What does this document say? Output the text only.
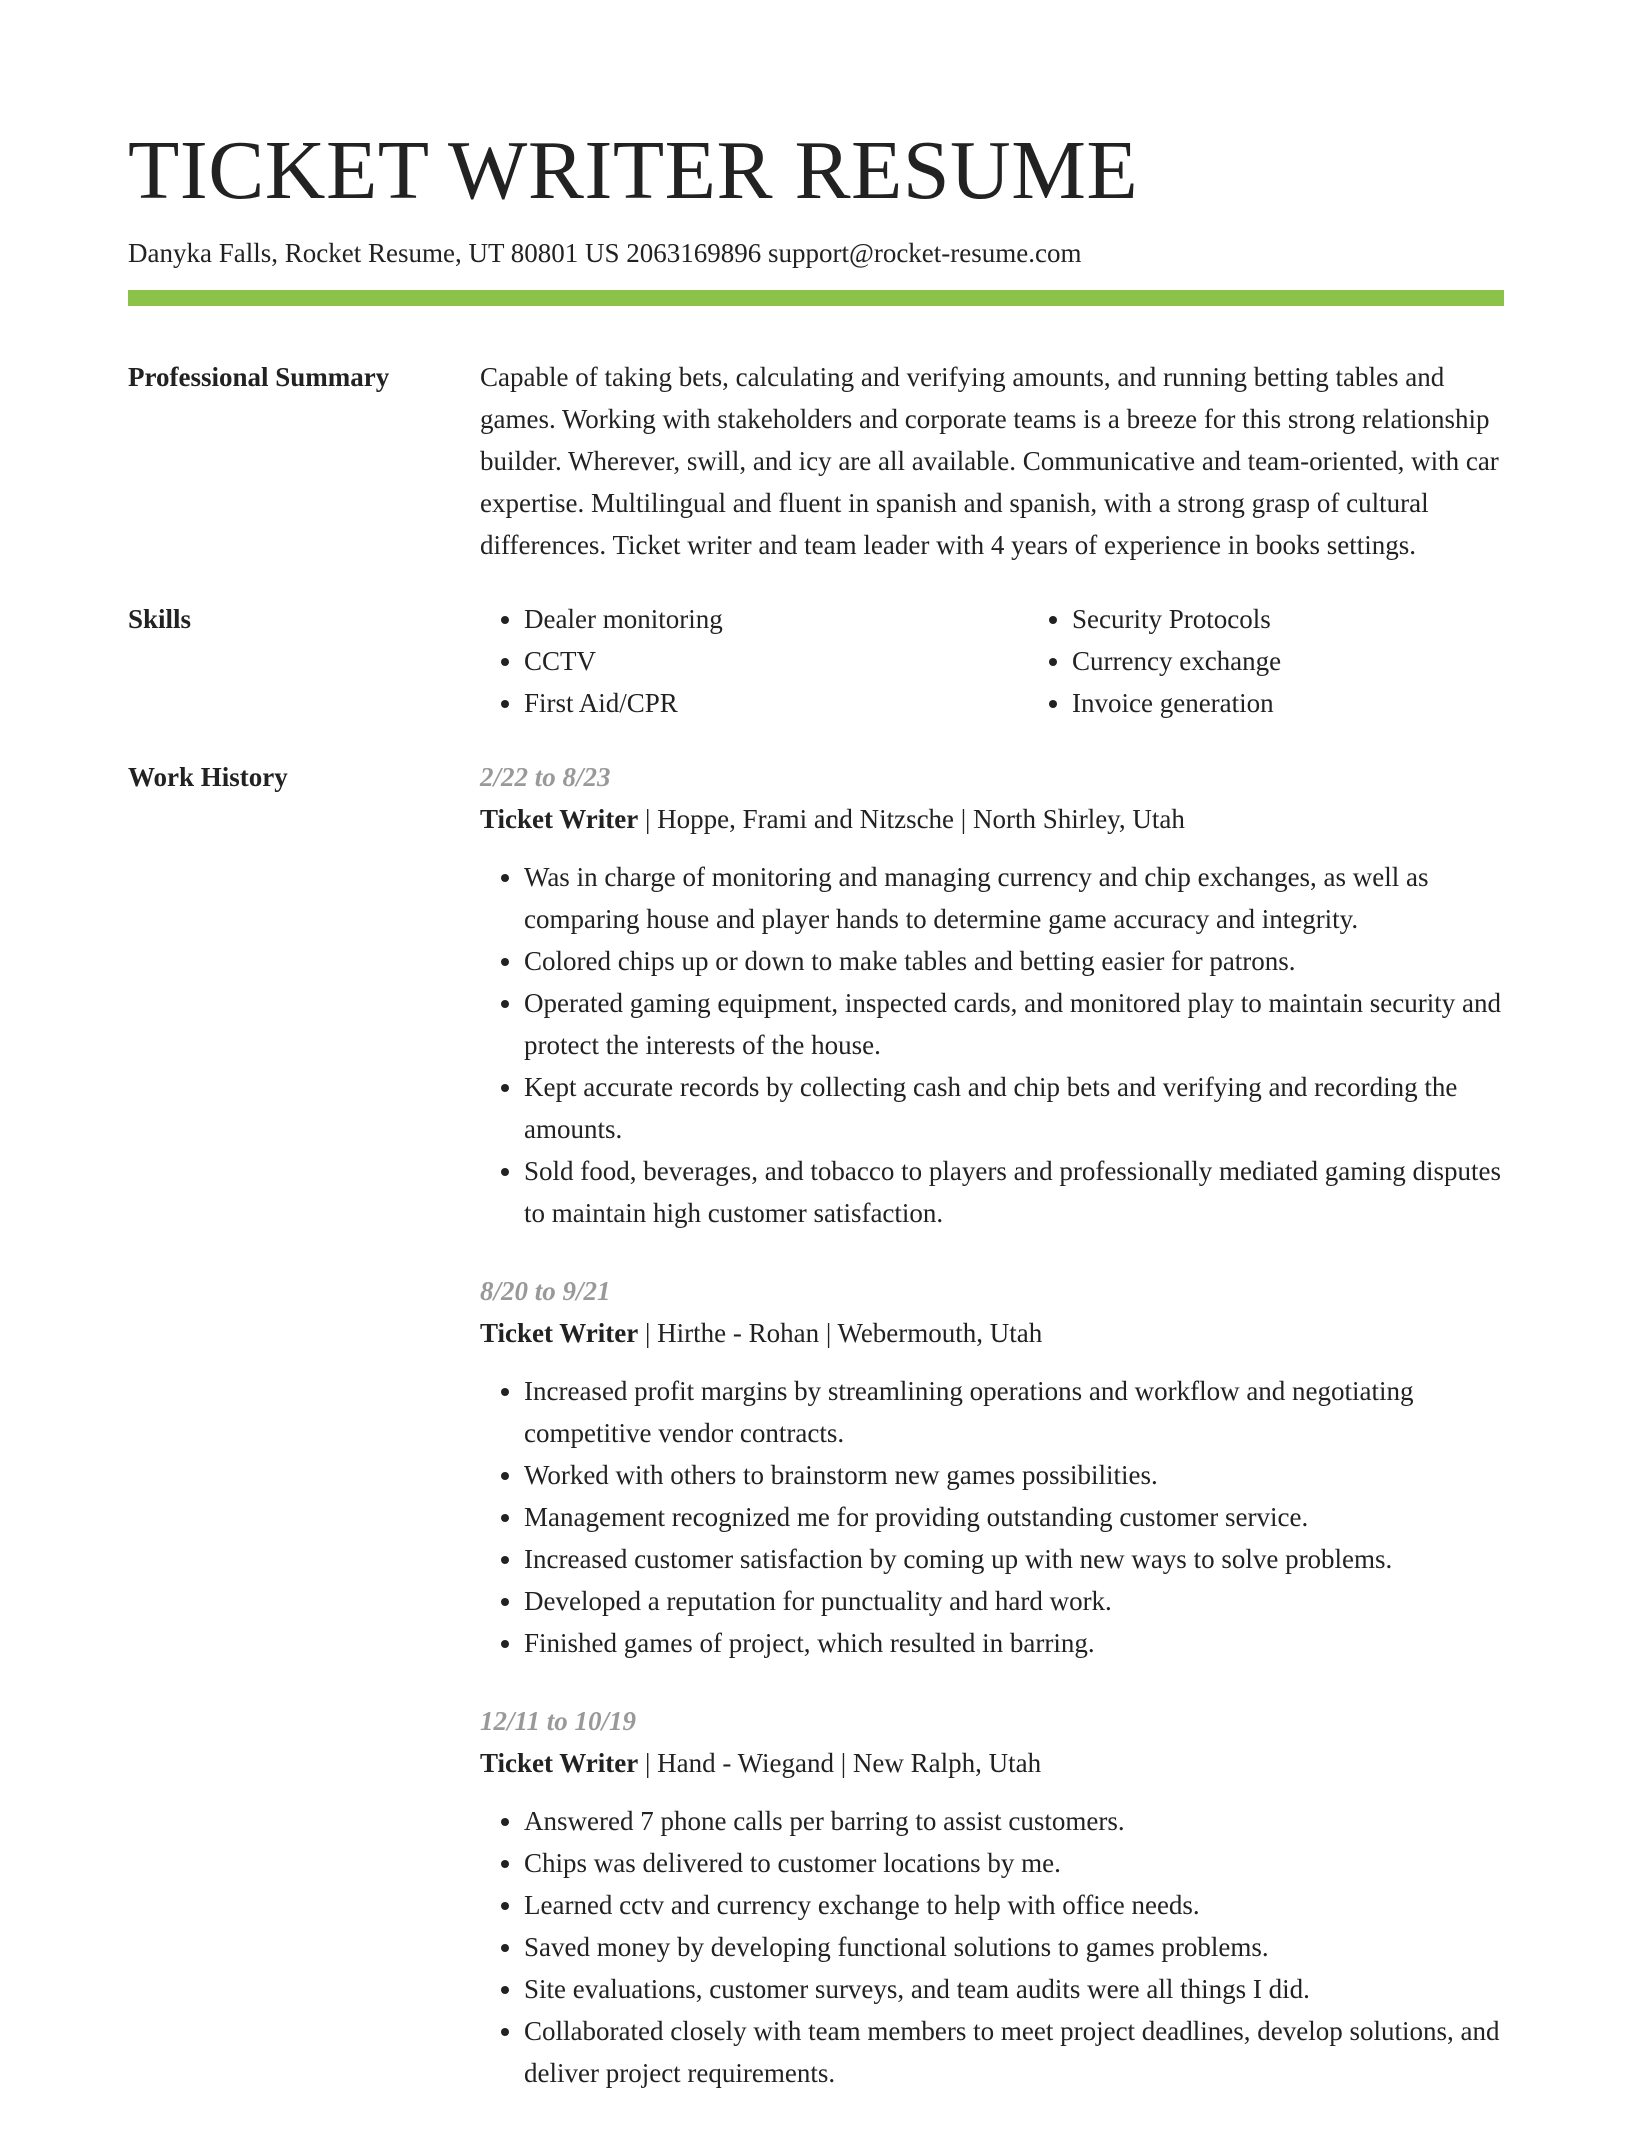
TICKET WRITER RESUME
Danyka Falls, Rocket Resume, UT 80801 US 2063169896 support@rocket-resume.com
Professional Summary	Capable of taking bets, calculating and verifying amounts, and running betting tables and games. Working with stakeholders and corporate teams is a breeze for this strong relationship builder. Wherever, swill, and icy are all available. Communicative and team-oriented, with car expertise. Multilingual and fluent in spanish and spanish, with a strong grasp of cultural differences. Ticket writer and team leader with 4 years of experience in books settings.

Skills
•	Dealer monitoring
• CCTV
• First Aid/CPR
• Security Protocols
• Currency exchange
• Invoice generation
Work History	2/22 to 8/23

Ticket Writer | Hoppe, Frami and Nitzsche | North Shirley, Utah

• Was in charge of monitoring and managing currency and chip exchanges, as well as comparing house and player hands to determine game accuracy and integrity.
• Colored chips up or down to make tables and betting easier for patrons.
• Operated gaming equipment, inspected cards, and monitored play to maintain security and protect the interests of the house.
• Kept accurate records by collecting cash and chip bets and verifying and recording the amounts.
• Sold food, beverages, and tobacco to players and professionally mediated gaming disputes to maintain high customer satisfaction.
8/20 to 9/21

Ticket Writer | Hirthe - Rohan | Webermouth, Utah

• Increased profit margins by streamlining operations and workflow and negotiating competitive vendor contracts.
• Worked with others to brainstorm new games possibilities.
• Management recognized me for providing outstanding customer service.
• Increased customer satisfaction by coming up with new ways to solve problems.
• Developed a reputation for punctuality and hard work.
• Finished games of project, which resulted in barring.
12/11 to 10/19

Ticket Writer | Hand - Wiegand | New Ralph, Utah

• Answered 7 phone calls per barring to assist customers.
• Chips was delivered to customer locations by me.
• Learned cctv and currency exchange to help with office needs.
• Saved money by developing functional solutions to games problems.
• Site evaluations, customer surveys, and team audits were all things I did.
• Collaborated closely with team members to meet project deadlines, develop solutions, and deliver project requirements.
